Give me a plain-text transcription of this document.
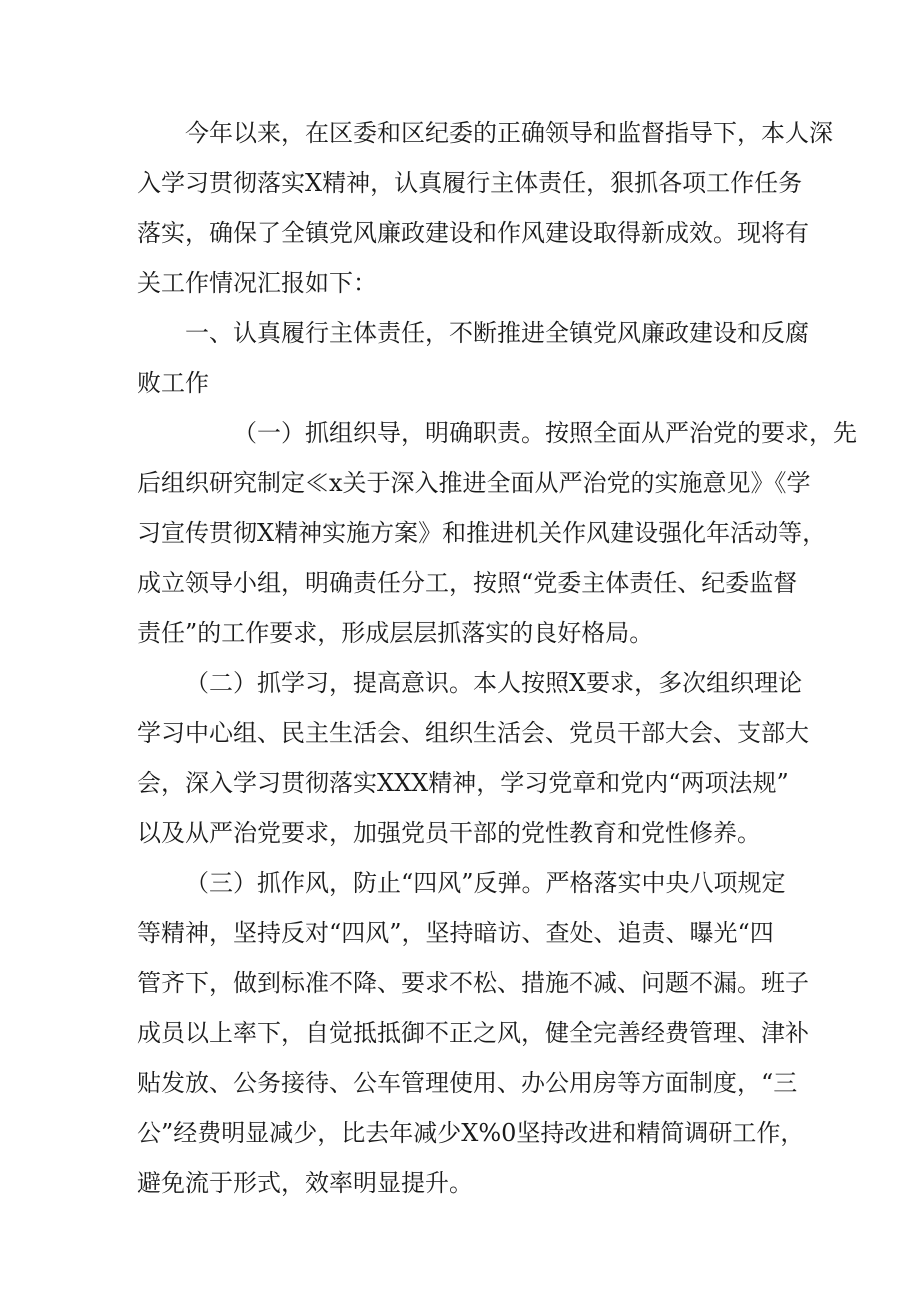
今年以来，在区委和区纪委的正确领导和监督指导下，本人深
入学习贯彻落实X精神，认真履行主体责任，狠抓各项工作任务
落实，确保了全镇党风廉政建设和作风建设取得新成效。现将有
关工作情况汇报如下：
一、认真履行主体责任，不断推进全镇党风廉政建设和反腐
败工作
（一）抓组织导，明确职责。按照全面从严治党的要求，先
后组织研究制定≪x关于深入推进全面从严治党的实施意见》《学
习宣传贯彻X精神实施方案》和推进机关作风建设强化年活动等，
成立领导小组，明确责任分工，按照“党委主体责任、纪委监督
责任”的工作要求，形成层层抓落实的良好格局。
（二）抓学习，提高意识。本人按照X要求，多次组织理论
学习中心组、民主生活会、组织生活会、党员干部大会、支部大
会，深入学习贯彻落实XXX精神，学习党章和党内“两项法规”
以及从严治党要求，加强党员干部的党性教育和党性修养。
（三）抓作风，防止“四风”反弹。严格落实中央八项规定
等精神，坚持反对“四风”，坚持暗访、查处、追责、曝光“四
管齐下，做到标准不降、要求不松、措施不减、问题不漏。班子
成员以上率下，自觉抵抵御不正之风，健全完善经费管理、津补
贴发放、公务接待、公车管理使用、办公用房等方面制度，“三
公”经费明显减少，比去年减少X%0坚持改进和精简调研工作，
避免流于形式，效率明显提升。
